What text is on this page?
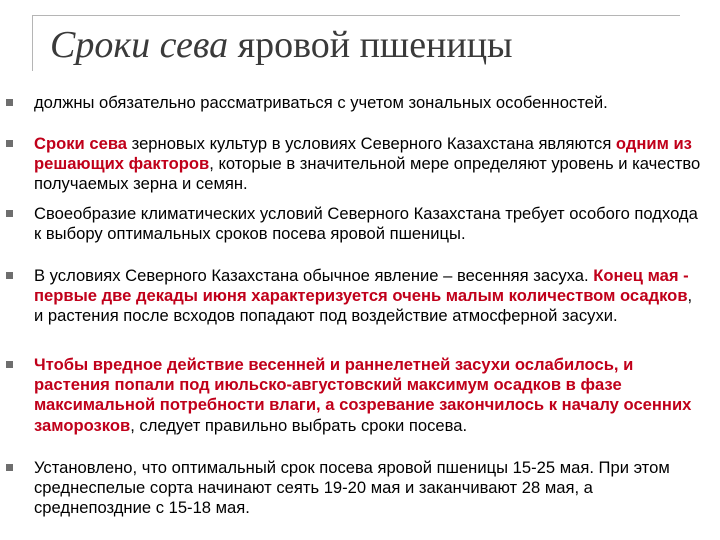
Сроки сева яровой пшеницы
должны обязательно рассматриваться с учетом зональных особенностей.
Сроки сева зерновых культур в условиях Северного Казахстана являются одним из решающих факторов, которые в значительной мере определяют уровень и качество получаемых зерна и семян.
Своеобразие климатических условий Северного Казахстана требует особого подхода к выбору оптимальных сроков посева яровой пшеницы.
В условиях Северного Казахстана обычное явление – весенняя засуха. Конец мая - первые две декады июня характеризуется очень малым количеством осадков, и растения после всходов попадают под воздействие атмосферной засухи.
Чтобы вредное действие весенней и раннелетней засухи ослабилось, и растения попали под июльско-августовский максимум осадков в фазе максимальной потребности влаги, а созревание закончилось к началу осенних заморозков, следует правильно выбрать сроки посева.
Установлено, что оптимальный срок посева яровой пшеницы 15-25 мая. При этом среднеспелые сорта начинают сеять 19-20 мая и заканчивают 28 мая, а среднепоздние с 15-18 мая.
